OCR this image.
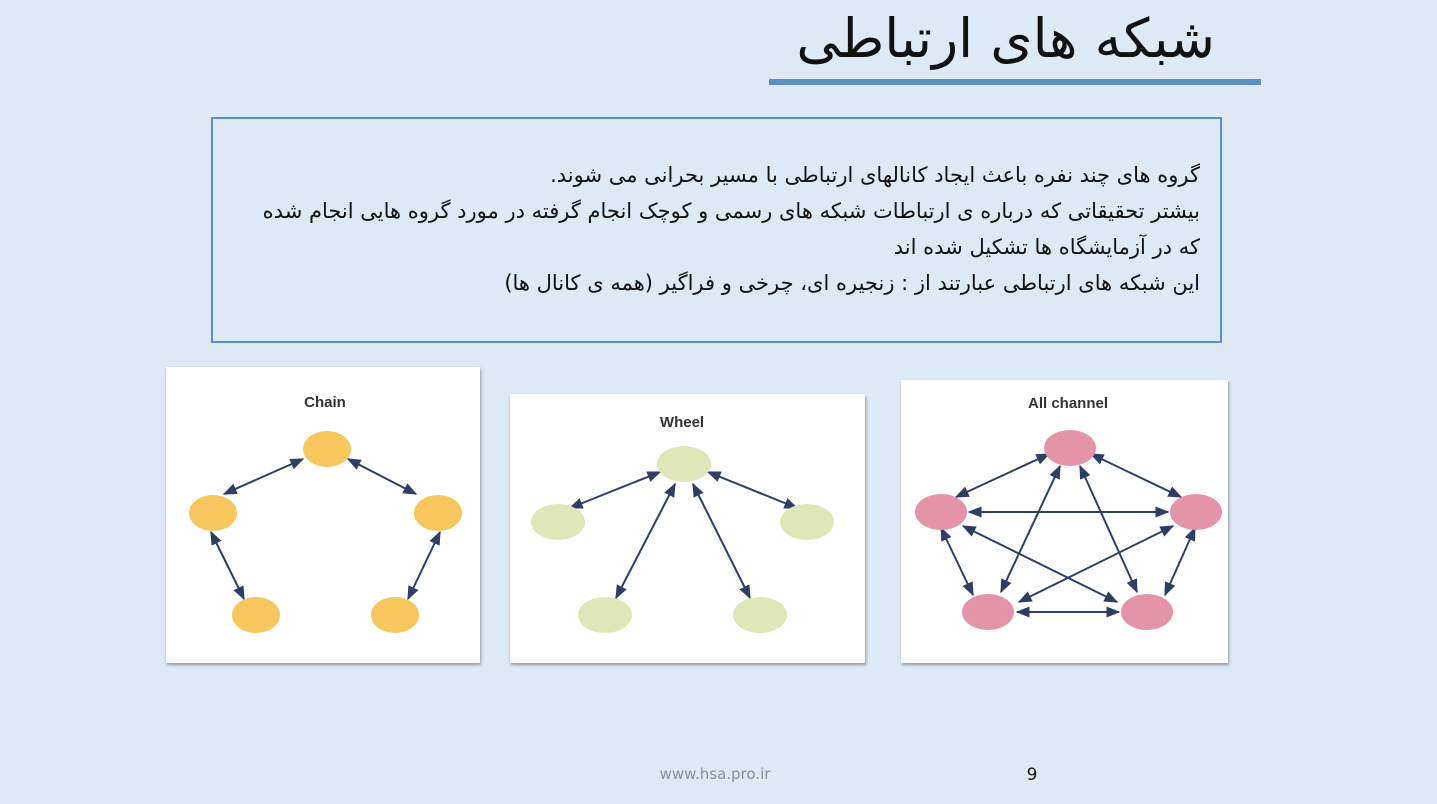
شبکه های ارتباطی

گروه های چند نفره باعث ایجاد کانالهای ارتباطی با مسیر بحرانی می شوند.

بیشتر تحقیقاتی که درباره ی ارتباطات شبکه های رسمی و کوچک انجام گرفته در مورد گروه هایی انجام شده که در آزمایشگاه ها تشکیل شده اند

این شبکه های ارتباطی عبارتند از : زنجیره ای، چرخی و فراگیر (همه ی کانال ها)

Chain
Wheel
All channel
www.hsa.pro.ir	9
